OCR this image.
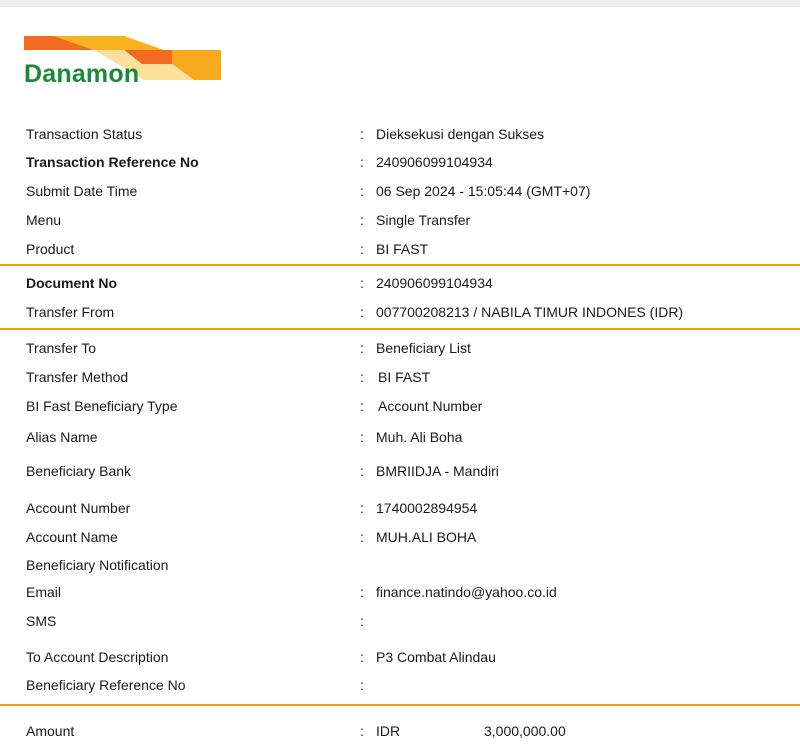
Danamon
Transaction Status	: Dieksekusi dengan Sukses
Transaction Reference No	: 240906099104934
Submit Date Time	: 06 Sep 2024 - 15:05:44 (GMT+07)
Menu	: Single Transfer
Product	: BI FAST
Document No	: 240906099104934
Transfer From	: 007700208213 / NABILA TIMUR INDONES (IDR)
Transfer To	: Beneficiary List
Transfer Method	: BI FAST
BI Fast Beneficiary Type	: Account Number
Alias Name	: Muh. Ali Boha
Beneficiary Bank	: BMRIIDJA - Mandiri
Account Number	: 1740002894954
Account Name	: MUH.ALI BOHA
Beneficiary Notification
Email	: finance.natindo@yahoo.co.id
SMS	:
To Account Description	: P3 Combat Alindau
Beneficiary Reference No	:
Amount	: IDR	3,000,000.00
